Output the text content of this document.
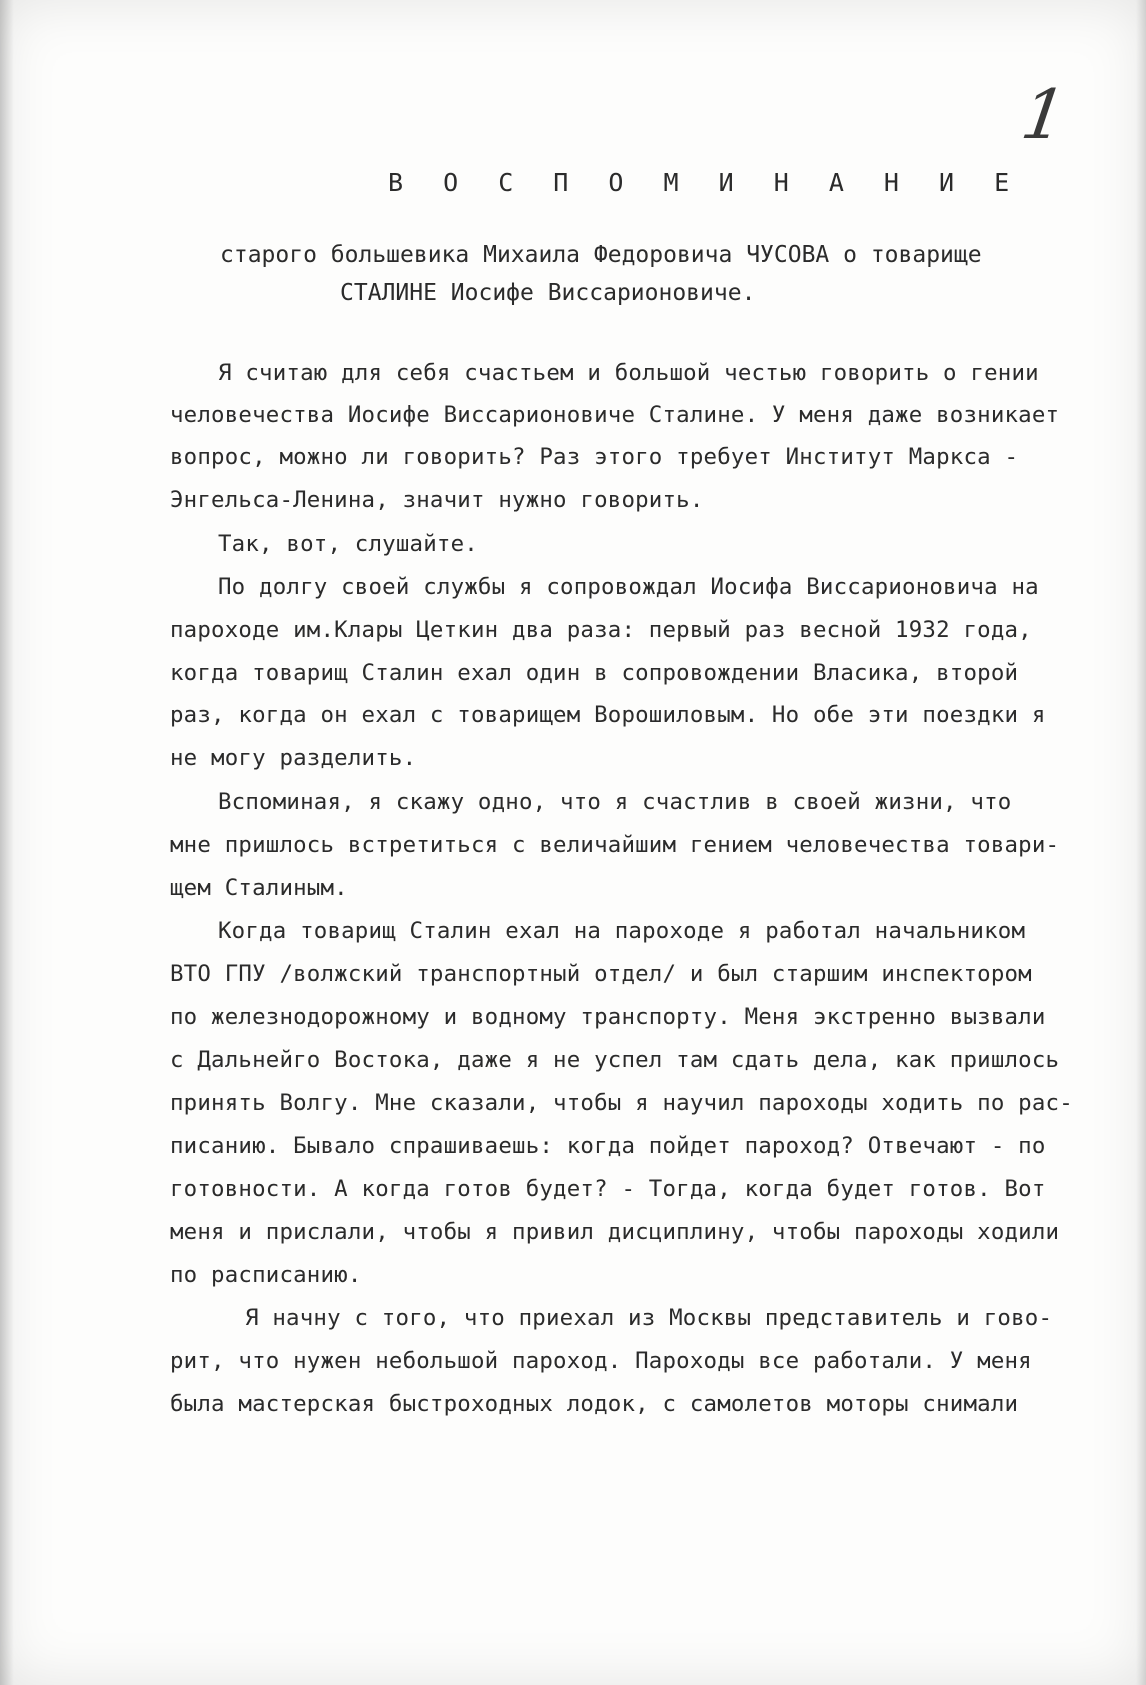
1
В О С П О М И Н А Н И Е
старого большевика Михаила Федоровича ЧУСОВА о товарище
СТАЛИНЕ Иосифе Виссарионовиче.
Я считаю для себя счастьем и большой честью говорить о гении
человечества Иосифе Виссарионовиче Сталине. У меня даже возникает
вопрос, можно ли говорить? Раз этого требует Институт Маркса -
Энгельса-Ленина, значит нужно говорить.
Так, вот, слушайте.
По долгу своей службы я сопровождал Иосифа Виссарионовича на
пароходе им.Клары Цеткин два раза: первый раз весной 1932 года,
когда товарищ Сталин ехал один в сопровождении Власика, второй
раз, когда он ехал с товарищем Ворошиловым. Но обе эти поездки я
не могу разделить.
Вспоминая, я скажу одно, что я счастлив в своей жизни, что
мне пришлось встретиться с величайшим гением человечества товари-
щем Сталиным.
Когда товарищ Сталин ехал на пароходе я работал начальником
ВТО ГПУ /волжский транспортный отдел/ и был старшим инспектором
по железнодорожному и водному транспорту. Меня экстренно вызвали
с Дальнейго Востока, даже я не успел там сдать дела, как пришлось
принять Волгу. Мне сказали, чтобы я научил пароходы ходить по рас-
писанию. Бывало спрашиваешь: когда пойдет пароход? Отвечают - по
готовности. А когда готов будет? - Тогда, когда будет готов. Вот
меня и прислали, чтобы я привил дисциплину, чтобы пароходы ходили
по расписанию.
Я начну с того, что приехал из Москвы представитель и гово-
рит, что нужен небольшой пароход. Пароходы все работали. У меня
была мастерская быстроходных лодок, с самолетов моторы снимали
